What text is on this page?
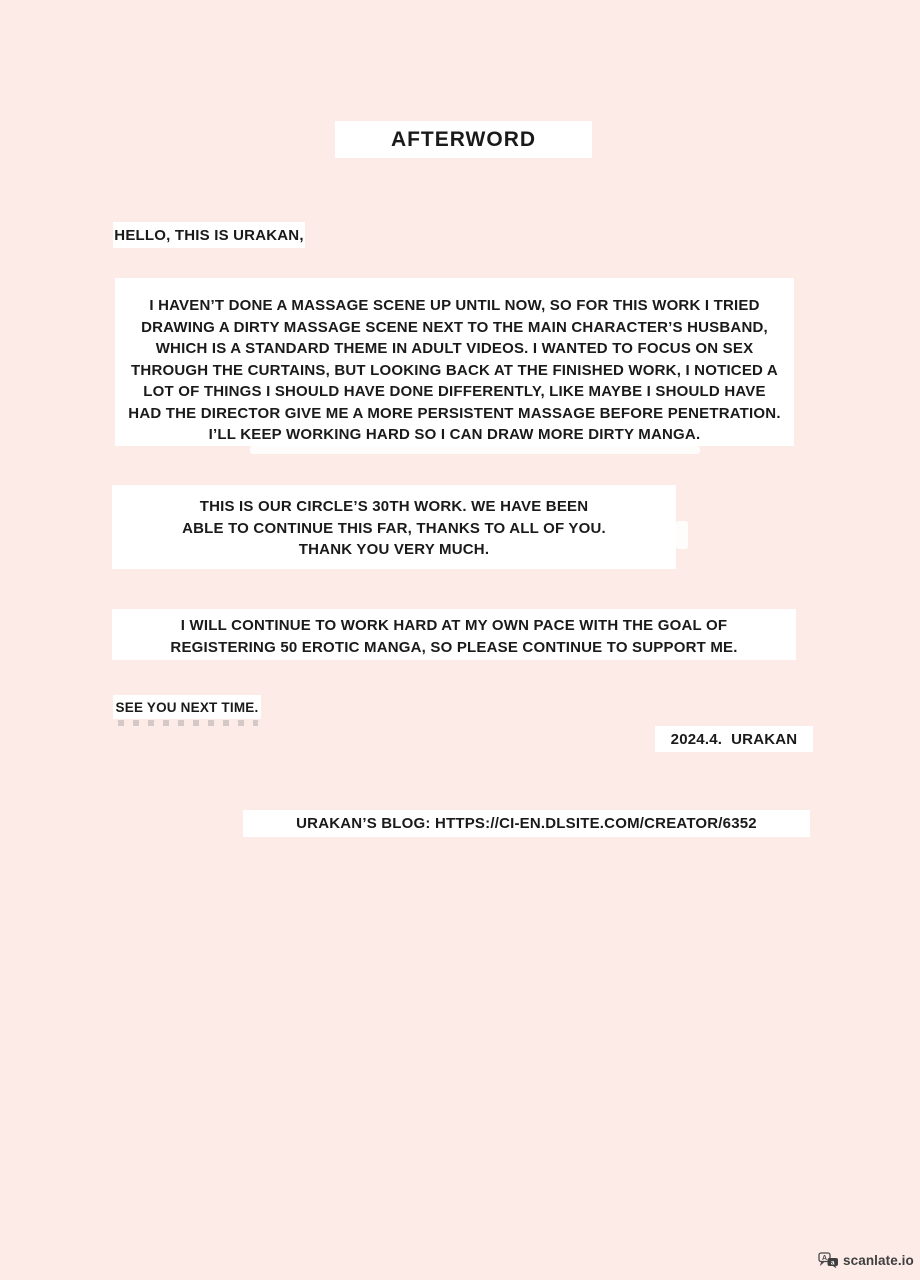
AFTERWORD
HELLO, THIS IS URAKAN,
I HAVEN’T DONE A MASSAGE SCENE UP UNTIL NOW, SO FOR THIS WORK I TRIED
DRAWING A DIRTY MASSAGE SCENE NEXT TO THE MAIN CHARACTER’S HUSBAND,
WHICH IS A STANDARD THEME IN ADULT VIDEOS. I WANTED TO FOCUS ON SEX
THROUGH THE CURTAINS, BUT LOOKING BACK AT THE FINISHED WORK, I NOTICED A
LOT OF THINGS I SHOULD HAVE DONE DIFFERENTLY, LIKE MAYBE I SHOULD HAVE
HAD THE DIRECTOR GIVE ME A MORE PERSISTENT MASSAGE BEFORE PENETRATION.
I’LL KEEP WORKING HARD SO I CAN DRAW MORE DIRTY MANGA.
THIS IS OUR CIRCLE’S 30TH WORK. WE HAVE BEEN
ABLE TO CONTINUE THIS FAR, THANKS TO ALL OF YOU.
THANK YOU VERY MUCH.
I WILL CONTINUE TO WORK HARD AT MY OWN PACE WITH THE GOAL OF
REGISTERING 50 EROTIC MANGA, SO PLEASE CONTINUE TO SUPPORT ME.
SEE YOU NEXT TIME.
2024.4. URAKAN
URAKAN’S BLOG: HTTPS://CI-EN.DLSITE.COM/CREATOR/6352
A
a scanlate.io
